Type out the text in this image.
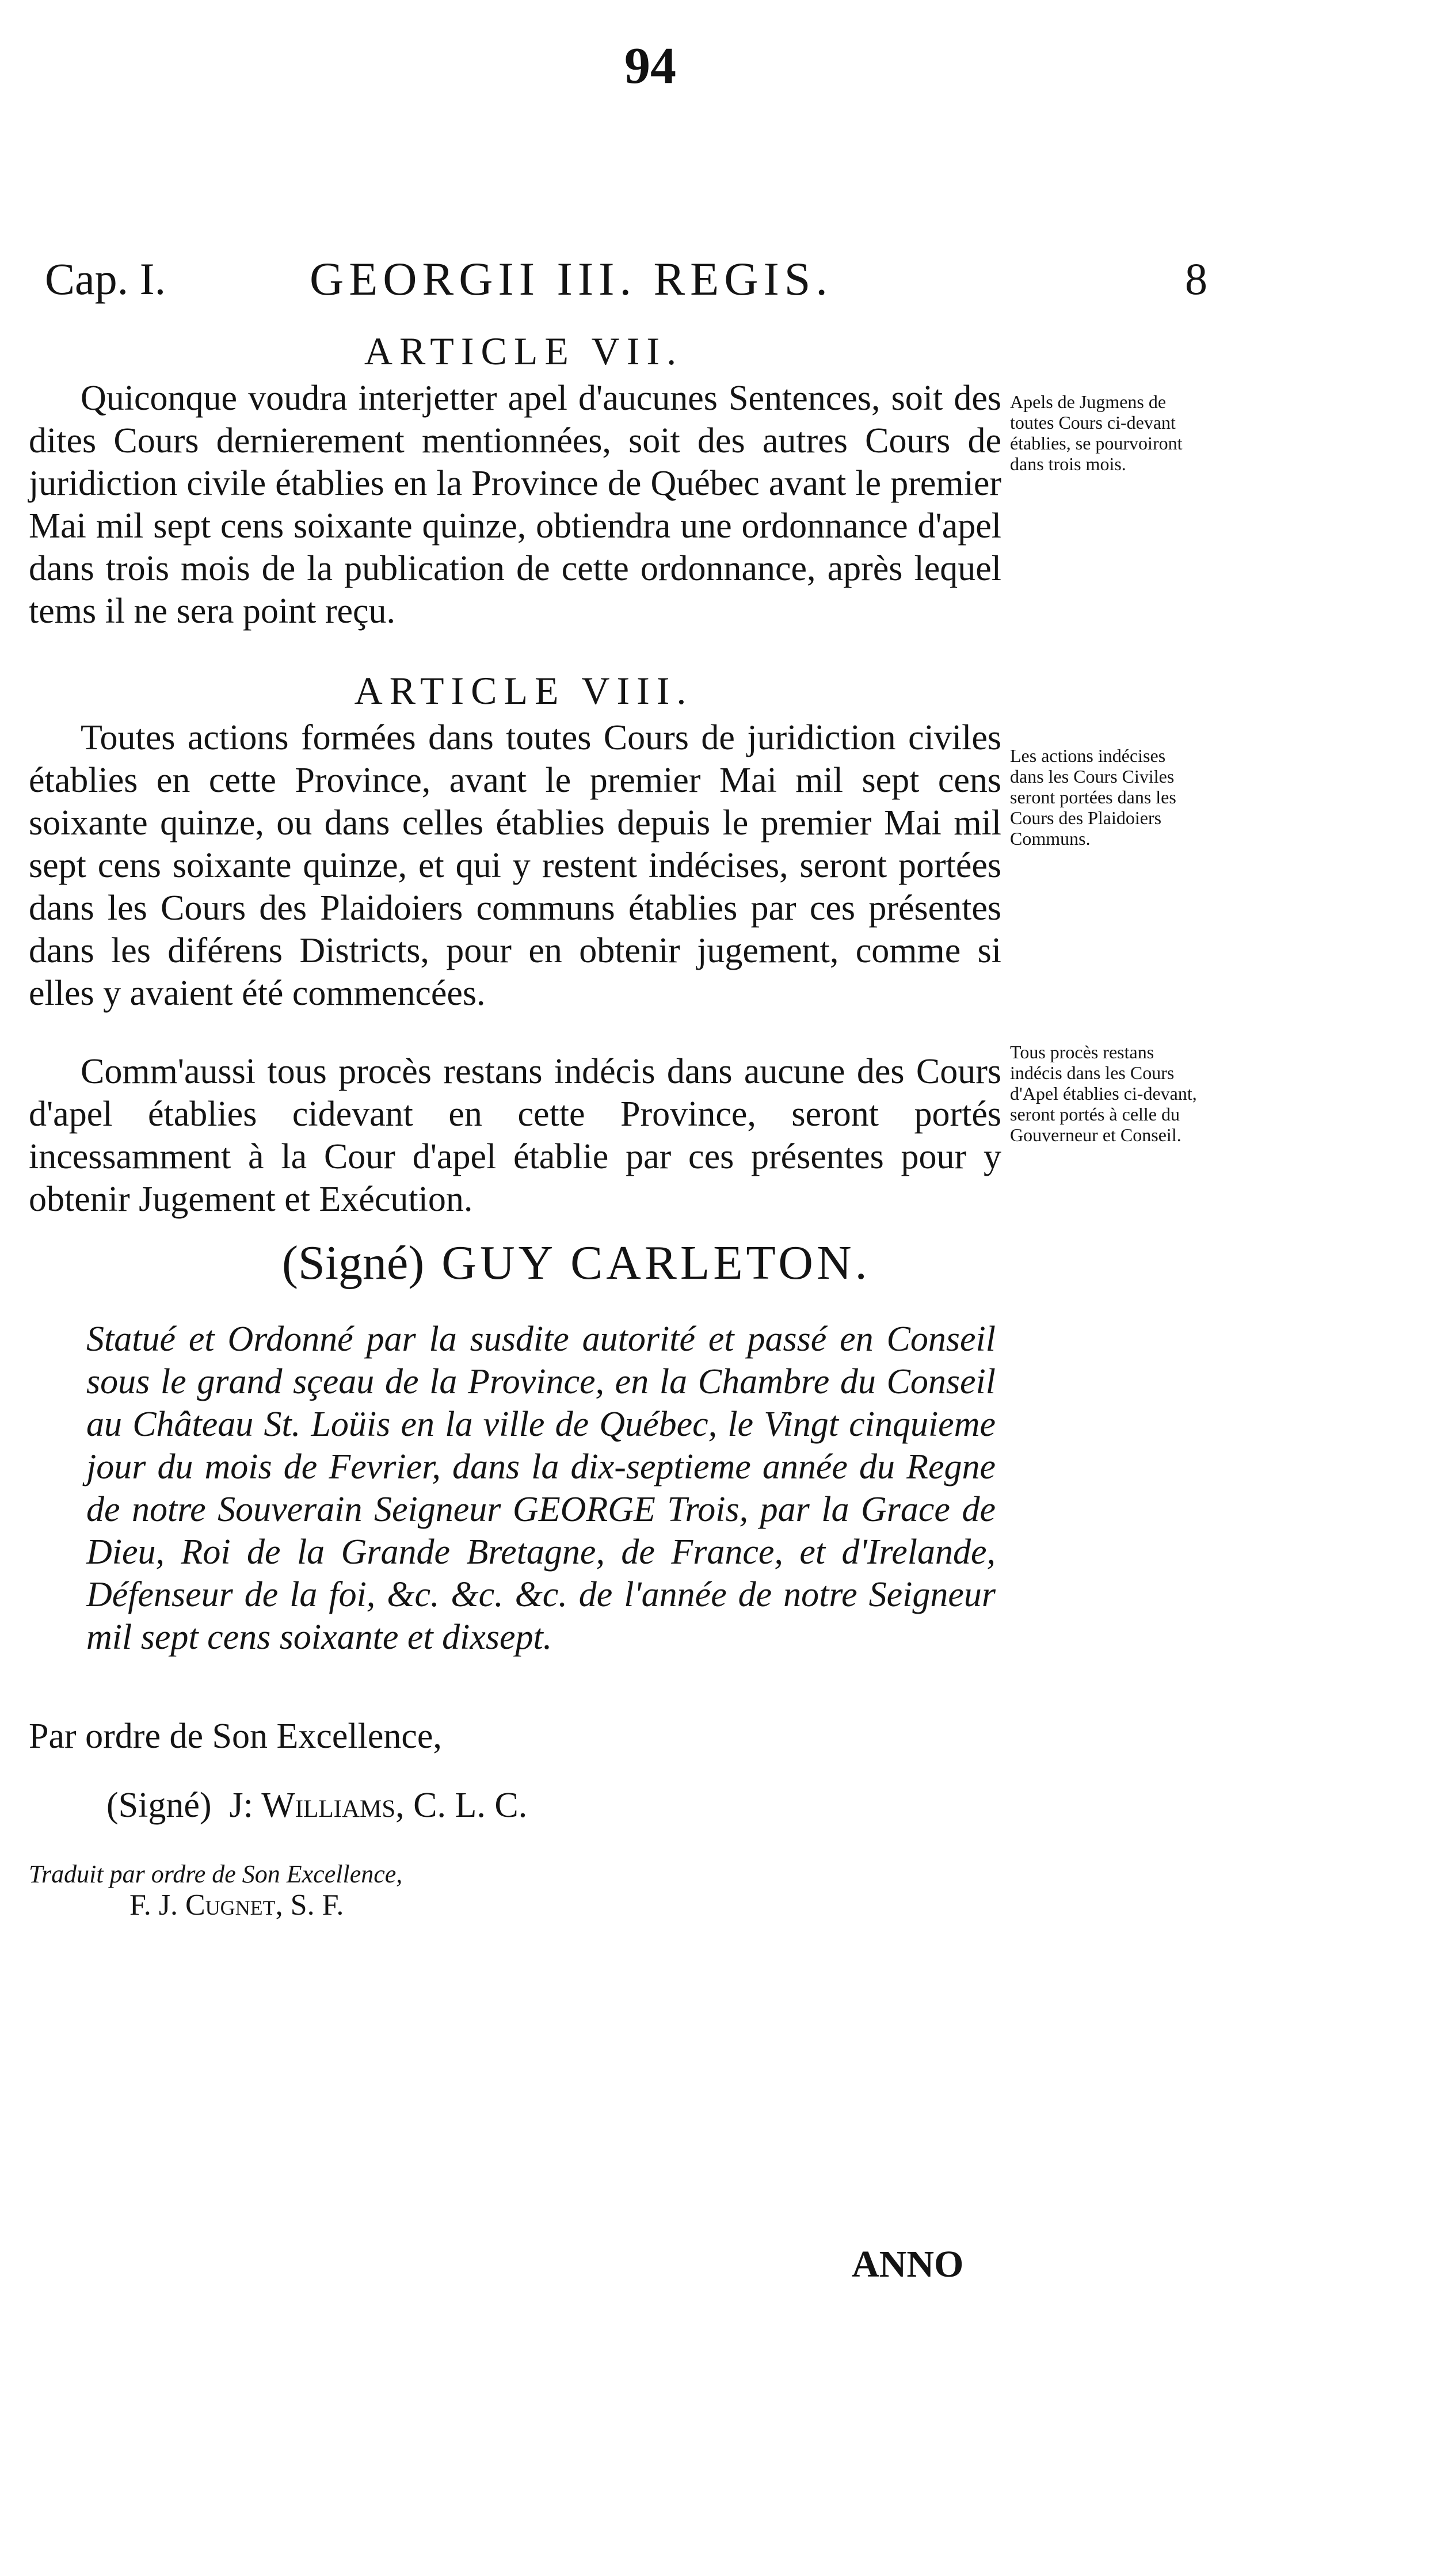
94
Cap. I.	GEORGII III. REGIS.	8
ARTICLE VII.
Quiconque voudra interjetter apel d'aucunes Sentences, soit des dites Cours dernierement mentionnées, soit des autres Cours de juridiction civile établies en la Province de Québec avant le premier Mai mil sept cens soixante quinze, obtiendra une ordonnance d'apel dans trois mois de la publication de cette ordonnance, après lequel tems il ne sera point reçu.
Apels de Jugmens de toutes Cours ci-devant établies, se pourvoiront dans trois mois.
ARTICLE VIII.
Toutes actions formées dans toutes Cours de juridiction civiles établies en cette Province, avant le premier Mai mil sept cens soixante quinze, ou dans celles établies depuis le premier Mai mil sept cens soixante quinze, et qui y restent indécises, seront portées dans les Cours des Plaidoiers communs établies par ces présentes dans les diférens Districts, pour en obtenir jugement, comme si elles y avaient été commencées.
Les actions indécises dans les Cours Civiles seront portées dans les Cours des Plaidoiers Communs.
Comm'aussi tous procès restans indécis dans aucune des Cours d'apel établies cidevant en cette Province, seront portés incessamment à la Cour d'apel établie par ces présentes pour y obtenir Jugement et Exécution.
Tous procès restans indécis dans les Cours d'Apel établies ci-devant, seront portés à celle du Gouverneur et Conseil.
(Signé) GUY CARLETON.
Statué et Ordonné par la susdite autorité et passé en Conseil sous le grand sçeau de la Province, en la Chambre du Conseil au Château St. Loüis en la ville de Québec, le Vingt cinquieme jour du mois de Fevrier, dans la dix-septieme année du Regne de notre Souverain Seigneur GEORGE Trois, par la Grace de Dieu, Roi de la Grande Bretagne, de France, et d'Irelande, Défenseur de la foi, &c. &c. &c. de l'année de notre Seigneur mil sept cens soixante et dixsept.
Par ordre de Son Excellence,
(Signé) J: Williams, C. L. C.
Traduit par ordre de Son Excellence,
F. J. Cugnet, S. F.
ANNO
